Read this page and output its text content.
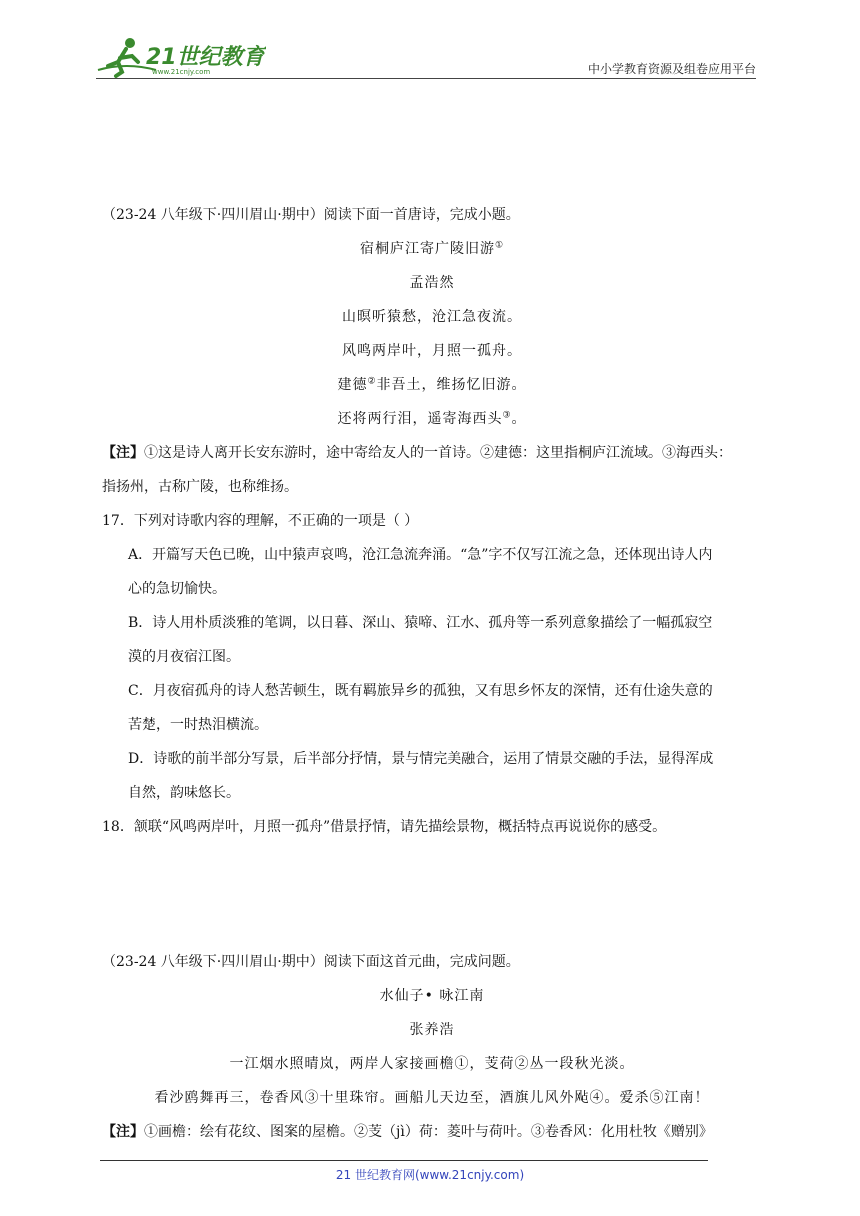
21世纪教育
www.21cnjy.com	中小学教育资源及组卷应用平台
（23-24 八年级下·四川眉山·期中）阅读下面一首唐诗，完成小题。
宿桐庐江寄广陵旧游①
孟浩然
山暝听猿愁，沧江急夜流。
风鸣两岸叶，月照一孤舟。
建德②非吾土，维扬忆旧游。
还将两行泪，遥寄海西头③。
【注】①这是诗人离开长安东游时，途中寄给友人的一首诗。②建德：这里指桐庐江流域。③海西头：
指扬州，古称广陵，也称维扬。
17．下列对诗歌内容的理解，不正确的一项是（ ）
A．开篇写天色已晚，山中猿声哀鸣，沧江急流奔涌。“急”字不仅写江流之急，还体现出诗人内
心的急切愉快。
B．诗人用朴质淡雅的笔调，以日暮、深山、猿啼、江水、孤舟等一系列意象描绘了一幅孤寂空
漠的月夜宿江图。
C．月夜宿孤舟的诗人愁苦顿生，既有羁旅异乡的孤独，又有思乡怀友的深情，还有仕途失意的
苦楚，一时热泪横流。
D．诗歌的前半部分写景，后半部分抒情，景与情完美融合，运用了情景交融的手法，显得浑成
自然，韵味悠长。
18．颔联“风鸣两岸叶，月照一孤舟”借景抒情，请先描绘景物，概括特点再说说你的感受。
（23-24 八年级下·四川眉山·期中）阅读下面这首元曲，完成问题。
水仙子• 咏江南
张养浩
一江烟水照晴岚，两岸人家接画檐①，芰荷②丛一段秋光淡。
看沙鸥舞再三，卷香风③十里珠帘。画船儿天边至，酒旗儿风外飐④。爱杀⑤江南！
【注】①画檐：绘有花纹、图案的屋檐。②芰（jì）荷：菱叶与荷叶。③卷香风：化用杜牧《赠别》
21 世纪教育网(www.21cnjy.com)
